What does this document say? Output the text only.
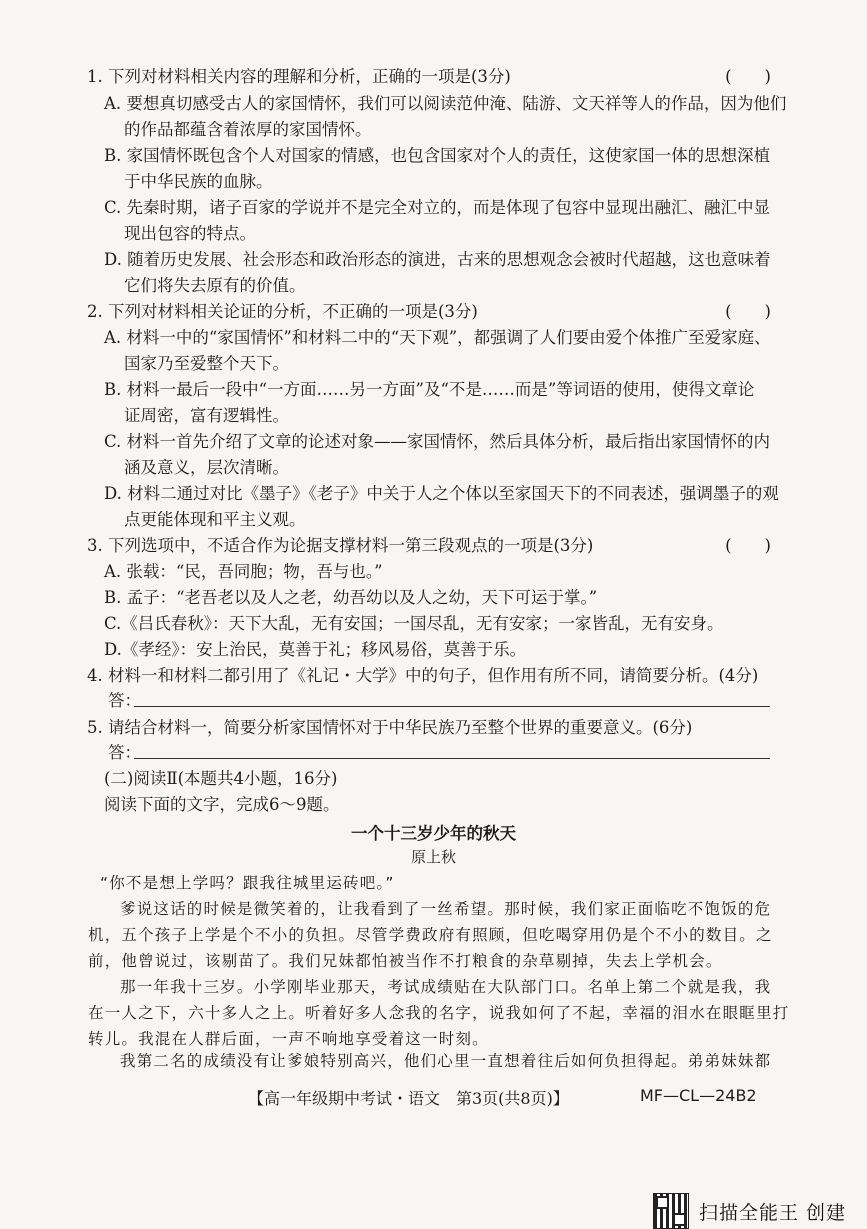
1. 下列对材料相关内容的理解和分析，正确的一项是(3分)	(　　)
A. 要想真切感受古人的家国情怀，我们可以阅读范仲淹、陆游、文天祥等人的作品，因为他们
的作品都蕴含着浓厚的家国情怀。
B. 家国情怀既包含个人对国家的情感，也包含国家对个人的责任，这使家国一体的思想深植
于中华民族的血脉。
C. 先秦时期，诸子百家的学说并不是完全对立的，而是体现了包容中显现出融汇、融汇中显
现出包容的特点。
D. 随着历史发展、社会形态和政治形态的演进，古来的思想观念会被时代超越，这也意味着
它们将失去原有的价值。
2. 下列对材料相关论证的分析，不正确的一项是(3分)	(　　)
A. 材料一中的“家国情怀”和材料二中的“天下观”，都强调了人们要由爱个体推广至爱家庭、
国家乃至爱整个天下。
B. 材料一最后一段中“一方面……另一方面”及“不是……而是”等词语的使用，使得文章论
证周密，富有逻辑性。
C. 材料一首先介绍了文章的论述对象——家国情怀，然后具体分析，最后指出家国情怀的内
涵及意义，层次清晰。
D. 材料二通过对比《墨子》《老子》中关于人之个体以至家国天下的不同表述，强调墨子的观
点更能体现和平主义观。
3. 下列选项中，不适合作为论据支撑材料一第三段观点的一项是(3分)	(　　)
A. 张载：“民，吾同胞；物，吾与也。”
B. 孟子：“老吾老以及人之老，幼吾幼以及人之幼，天下可运于掌。”
C.《吕氏春秋》：天下大乱，无有安国；一国尽乱，无有安家；一家皆乱，无有安身。
D.《孝经》：安上治民，莫善于礼；移风易俗，莫善于乐。
4. 材料一和材料二都引用了《礼记・大学》中的句子，但作用有所不同，请简要分析。(4分)
答：
5. 请结合材料一，简要分析家国情怀对于中华民族乃至整个世界的重要意义。(6分)
答：
(二)阅读Ⅱ(本题共4小题，16分)
阅读下面的文字，完成6～9题。
一个十三岁少年的秋天
原上秋
“你不是想上学吗？跟我往城里运砖吧。”
爹说这话的时候是微笑着的，让我看到了一丝希望。那时候，我们家正面临吃不饱饭的危
机，五个孩子上学是个不小的负担。尽管学费政府有照顾，但吃喝穿用仍是个不小的数目。之
前，他曾说过，该剔苗了。我们兄妹都怕被当作不打粮食的杂草剔掉，失去上学机会。
那一年我十三岁。小学刚毕业那天，考试成绩贴在大队部门口。名单上第二个就是我，我
在一人之下，六十多人之上。听着好多人念我的名字，说我如何了不起，幸福的泪水在眼眶里打
转儿。我混在人群后面，一声不响地享受着这一时刻。
我第二名的成绩没有让爹娘特别高兴，他们心里一直想着往后如何负担得起。弟弟妹妹都
【高一年级期中考试・语文　第3页(共8页)】	MF—CL—24B2
扫描全能王 创建
